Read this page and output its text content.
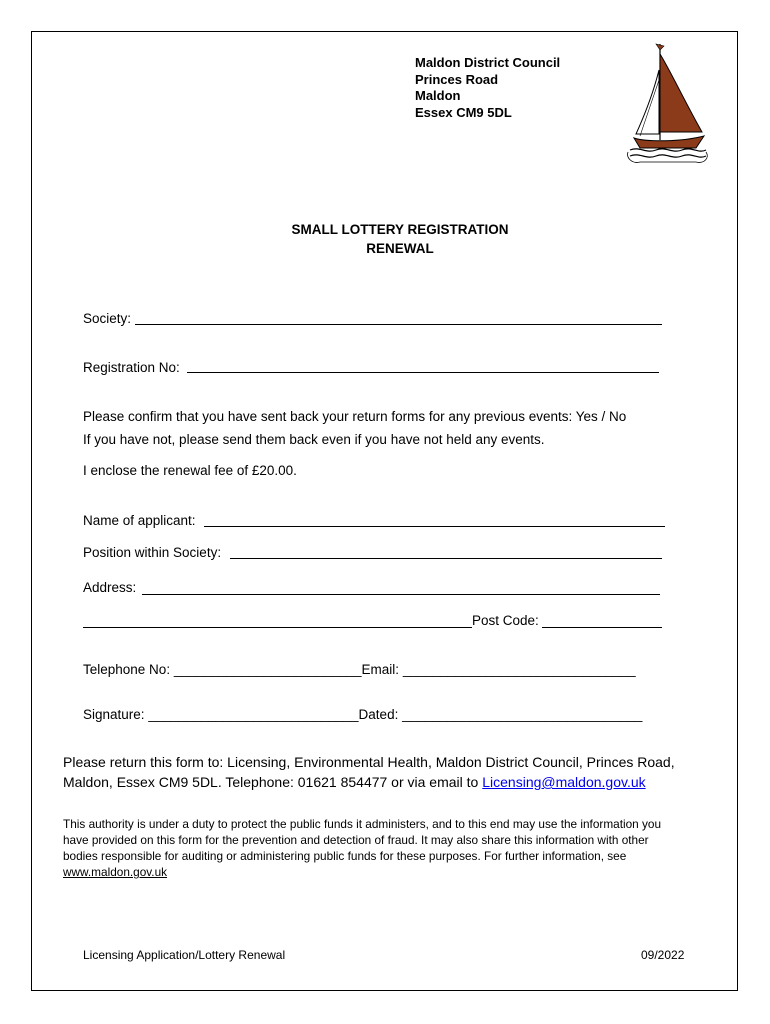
Maldon District Council
Princes Road
Maldon
Essex CM9 5DL
SMALL LOTTERY REGISTRATION
RENEWAL
Society:
Registration No:
Please confirm that you have sent back your return forms for any previous events: Yes / No
If you have not, please send them back even if you have not held any events.
I enclose the renewal fee of £20.00.
Name of applicant:
Position within Society:
Address:
Post Code:
Telephone No: _________________________Email: _______________________________
Signature: ____________________________Dated: ________________________________
Please return this form to: Licensing, Environmental Health, Maldon District Council, Princes Road,
Maldon, Essex CM9 5DL. Telephone: 01621 854477 or via email to Licensing@maldon.gov.uk
This authority is under a duty to protect the public funds it administers, and to this end may use the information you
have provided on this form for the prevention and detection of fraud. It may also share this information with other
bodies responsible for auditing or administering public funds for these purposes. For further information, see
www.maldon.gov.uk
Licensing Application/Lottery Renewal	09/2022
